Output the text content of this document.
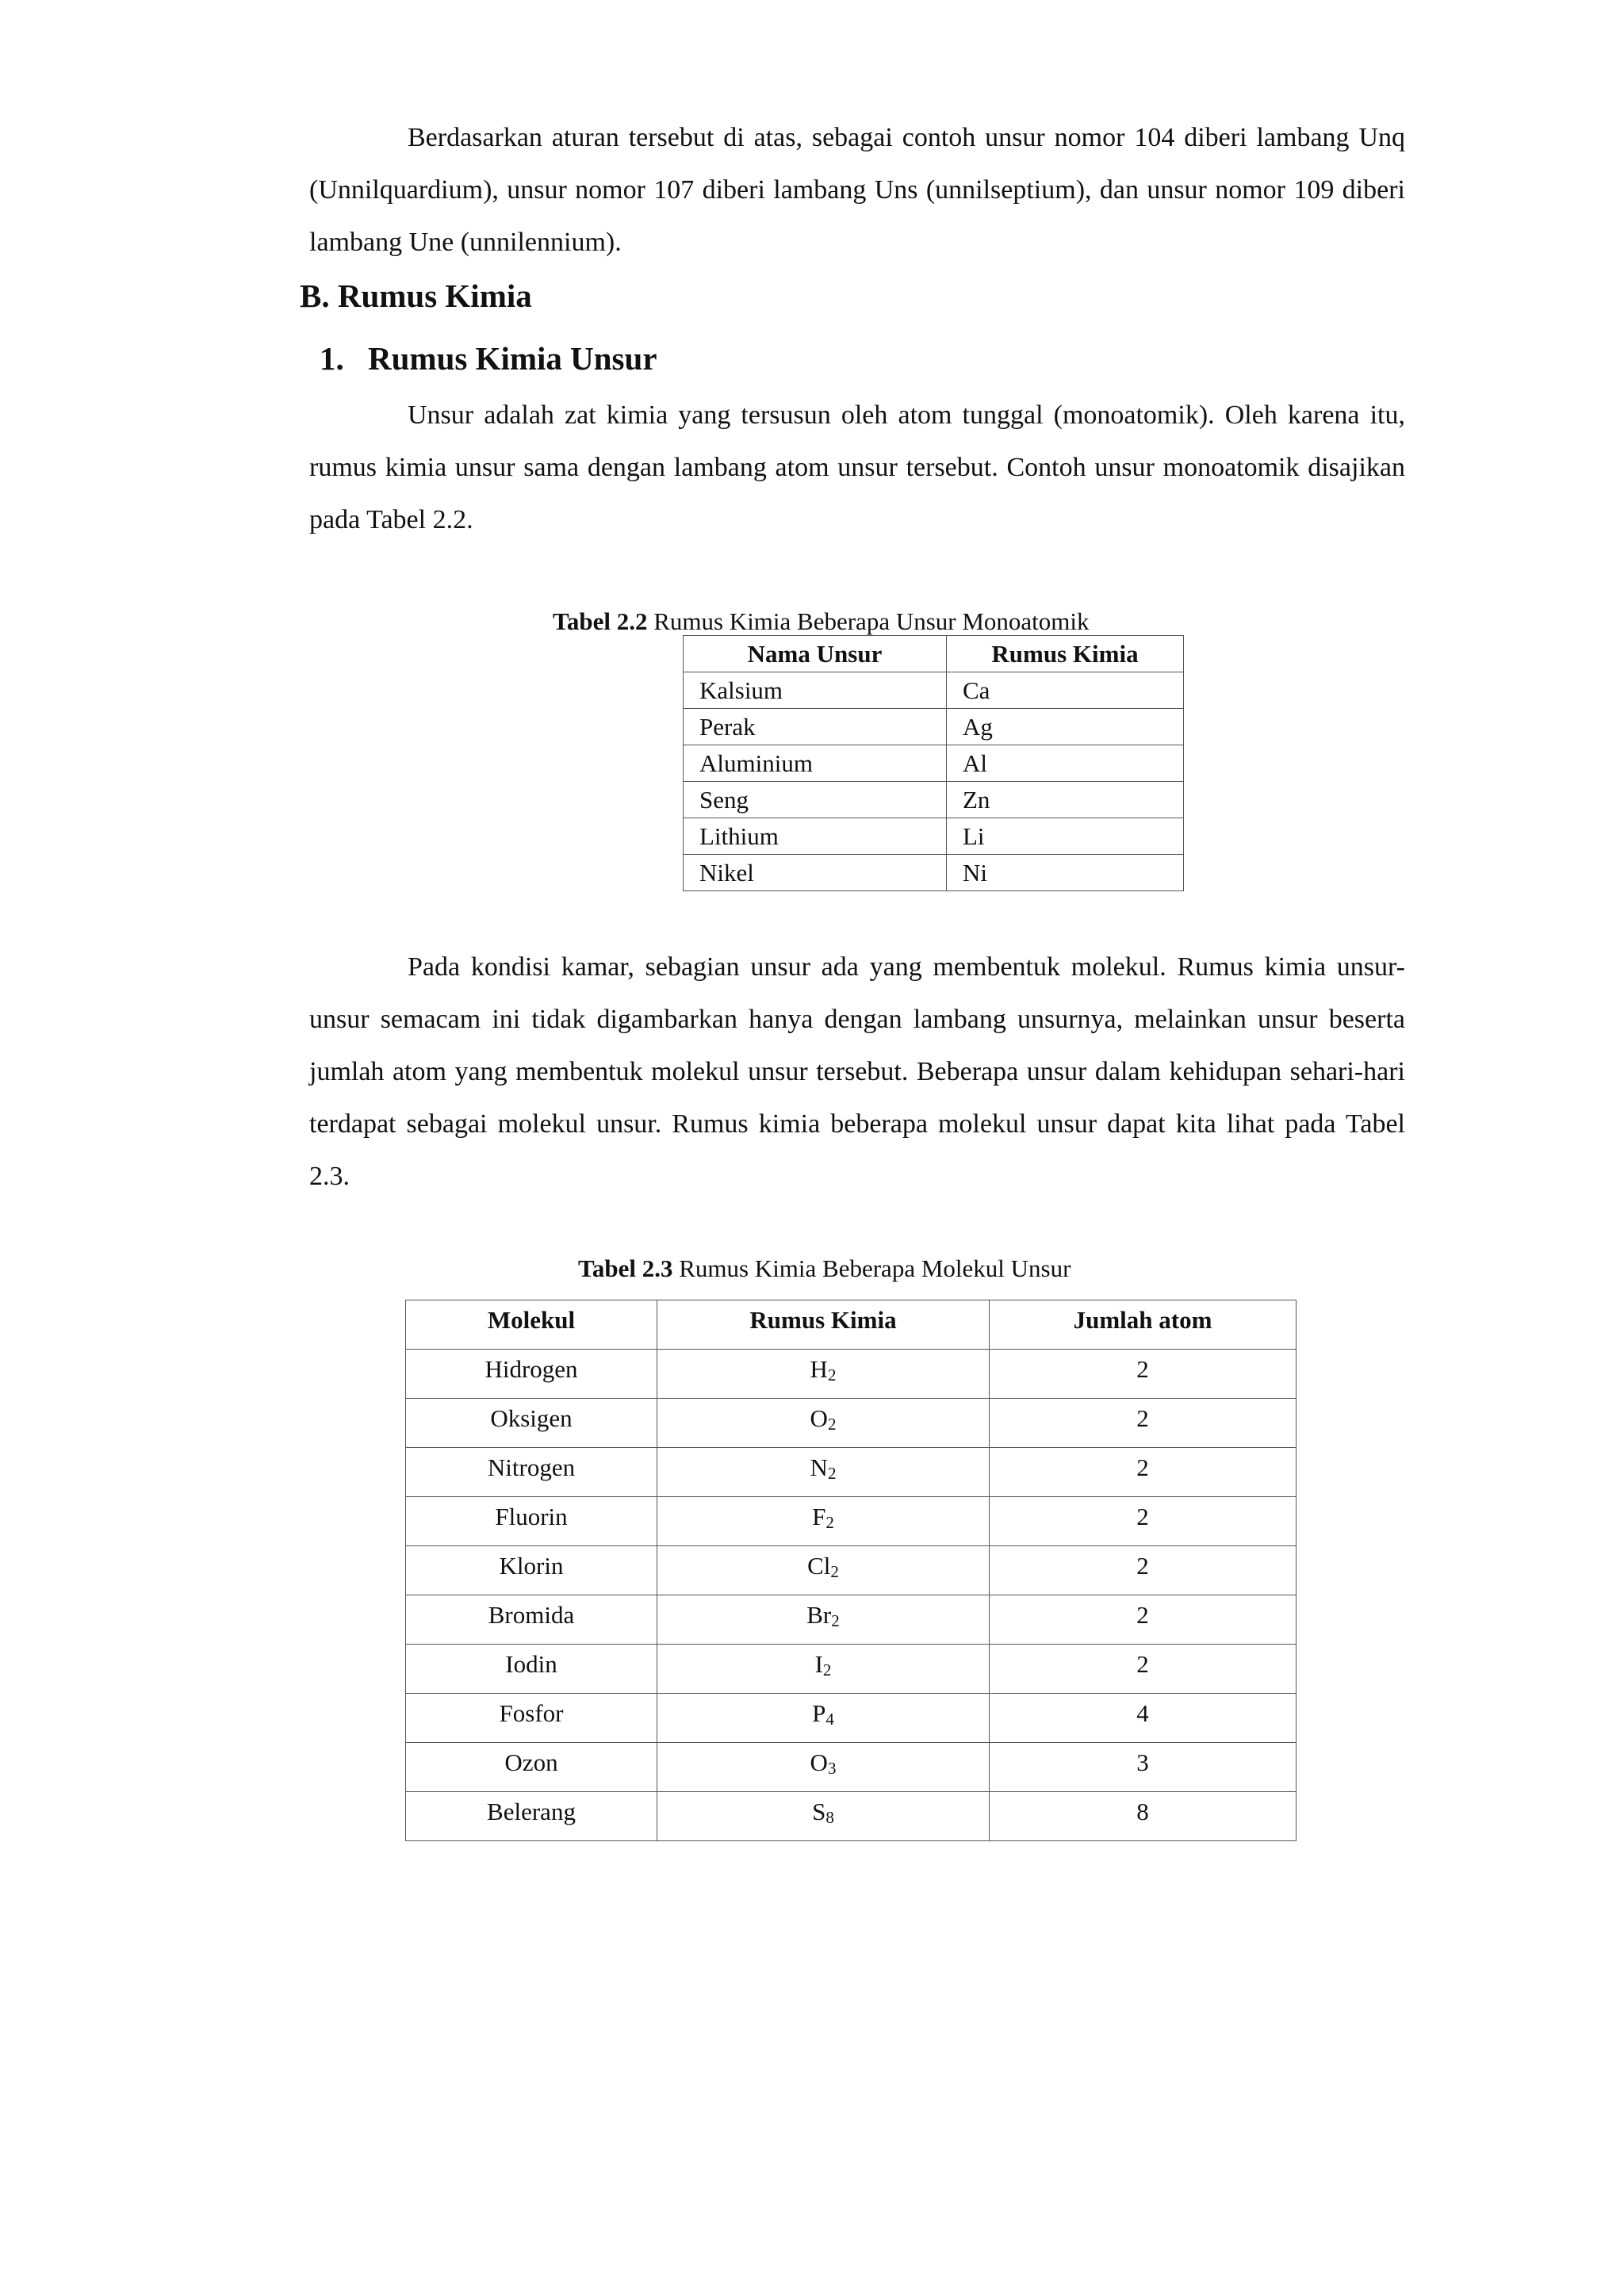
Berdasarkan aturan tersebut di atas, sebagai contoh unsur nomor 104 diberi lambang Unq (Unnilquardium), unsur nomor 107 diberi lambang Uns (unnilseptium), dan unsur nomor 109 diberi lambang Une (unnilennium).

B. Rumus Kimia
1. Rumus Kimia Unsur

Unsur adalah zat kimia yang tersusun oleh atom tunggal (monoatomik). Oleh karena itu, rumus kimia unsur sama dengan lambang atom unsur tersebut. Contoh unsur monoatomik disajikan pada Tabel 2.2.

Tabel 2.2 Rumus Kimia Beberapa Unsur Monoatomik
Nama Unsur	Rumus Kimia
Kalsium	Ca
Perak	Ag
Aluminium	Al
Seng	Zn
Lithium	Li
Nikel	Ni

Pada kondisi kamar, sebagian unsur ada yang membentuk molekul. Rumus kimia unsur-unsur semacam ini tidak digambarkan hanya dengan lambang unsurnya, melainkan unsur beserta jumlah atom yang membentuk molekul unsur tersebut. Beberapa unsur dalam kehidupan sehari-hari terdapat sebagai molekul unsur. Rumus kimia beberapa molekul unsur dapat kita lihat pada Tabel 2.3.

Tabel 2.3 Rumus Kimia Beberapa Molekul Unsur
Molekul	Rumus Kimia	Jumlah atom
Hidrogen	$H_2$	2
Oksigen	$O_2$	2
Nitrogen	$N_2$	2
Fluorin	$F_2$	2
Klorin	$Cl_2$	2
Bromida	$Br_2$	2
Iodin	$I_2$	2
Fosfor	$P_4$	4
Ozon	$O_3$	3
Belerang	$S_8$	8
